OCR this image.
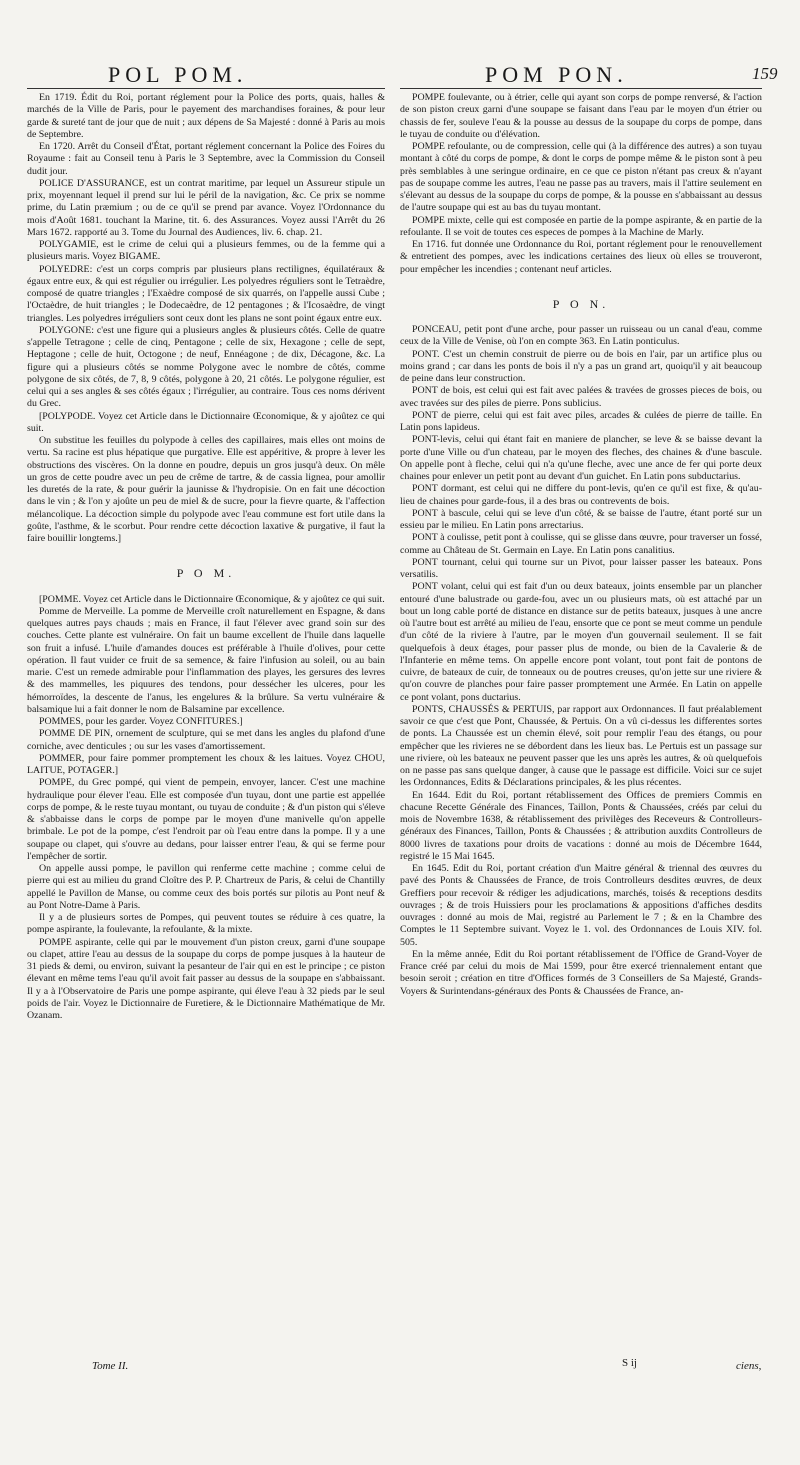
POL POM.	POM PON.	159

En 1719. Édit du Roi, portant réglement pour la Police des ports, quais, halles & marchés de la Ville de Paris, pour le payement des marchandises foraines, & pour leur garde & sureté tant de jour que de nuit ; aux dépens de Sa Majesté : donné à Paris au mois de Septembre.

En 1720. Arrêt du Conseil d'État, portant réglement concernant la Police des Foires du Royaume : fait au Conseil tenu à Paris le 3 Septembre, avec la Commission du Conseil dudit jour.

POLICE D'ASSURANCE, est un contrat maritime, par lequel un Assureur stipule un prix, moyennant lequel il prend sur lui le péril de la navigation, &c. Ce prix se nomme prime, du Latin præmium ; ou de ce qu'il se prend par avance. Voyez l'Ordonnance du mois d'Août 1681. touchant la Marine, tit. 6. des Assurances. Voyez aussi l'Arrêt du 26 Mars 1672. rapporté au 3. Tome du Journal des Audiences, liv. 6. chap. 21.

POLYGAMIE, est le crime de celui qui a plusieurs femmes, ou de la femme qui a plusieurs maris. Voyez BIGAME.

POLYEDRE: c'est un corps compris par plusieurs plans rectilignes, équilatéraux & égaux entre eux, & qui est régulier ou irrégulier. Les polyedres réguliers sont le Tetraèdre, composé de quatre triangles ; l'Exaèdre composé de six quarrés, on l'appelle aussi Cube ; l'Octaèdre, de huit triangles ; le Dodecaèdre, de 12 pentagones ; & l'Icosaèdre, de vingt triangles. Les polyedres irréguliers sont ceux dont les plans ne sont point égaux entre eux.

POLYGONE: c'est une figure qui a plusieurs angles & plusieurs côtés. Celle de quatre s'appelle Tetragone ; celle de cinq, Pentagone ; celle de six, Hexagone ; celle de sept, Heptagone ; celle de huit, Octogone ; de neuf, Ennéagone ; de dix, Décagone, &c. La figure qui a plusieurs côtés se nomme Polygone avec le nombre de côtés, comme polygone de six côtés, de 7, 8, 9 côtés, polygone à 20, 21 côtés. Le polygone régulier, est celui qui a ses angles & ses côtés égaux ; l'irrégulier, au contraire. Tous ces noms dérivent du Grec.

[POLYPODE. Voyez cet Article dans le Dictionnaire Œconomique, & y ajoûtez ce qui suit.

On substitue les feuilles du polypode à celles des capillaires, mais elles ont moins de vertu. Sa racine est plus hépatique que purgative. Elle est appéritive, & propre à lever les obstructions des viscères. On la donne en poudre, depuis un gros jusqu'à deux. On mêle un gros de cette poudre avec un peu de crême de tartre, & de cassia lignea, pour amollir les duretés de la rate, & pour guérir la jaunisse & l'hydropisie. On en fait une décoction dans le vin ; & l'on y ajoûte un peu de miel & de sucre, pour la fievre quarte, & l'affection mélancolique. La décoction simple du polypode avec l'eau commune est fort utile dans la goûte, l'asthme, & le scorbut. Pour rendre cette décoction laxative & purgative, il faut la faire bouillir longtems.]

P O M.

[POMME. Voyez cet Article dans le Dictionnaire Œconomique, & y ajoûtez ce qui suit.

Pomme de Merveille. La pomme de Merveille croît naturellement en Espagne, & dans quelques autres pays chauds ; mais en France, il faut l'élever avec grand soin sur des couches. Cette plante est vulnéraire. On fait un baume excellent de l'huile dans laquelle son fruit a infusé. L'huile d'amandes douces est préférable à l'huile d'olives, pour cette opération. Il faut vuider ce fruit de sa semence, & faire l'infusion au soleil, ou au bain marie. C'est un remede admirable pour l'inflammation des playes, les gersures des levres & des mammelles, les piquures des tendons, pour dessécher les ulceres, pour les hémorroïdes, la descente de l'anus, les engelures & la brûlure. Sa vertu vulnéraire & balsamique lui a fait donner le nom de Balsamine par excellence.

POMMES, pour les garder. Voyez CONFITURES.]

POMME DE PIN, ornement de sculpture, qui se met dans les angles du plafond d'une corniche, avec denticules ; ou sur les vases d'amortissement.

POMMER, pour faire pommer promptement les choux & les laitues. Voyez CHOU, LAITUE, POTAGER.]

POMPE, du Grec pompé, qui vient de pempein, envoyer, lancer. C'est une machine hydraulique pour élever l'eau. Elle est composée d'un tuyau, dont une partie est appellée corps de pompe, & le reste tuyau montant, ou tuyau de conduite ; & d'un piston qui s'éleve & s'abbaisse dans le corps de pompe par le moyen d'une manivelle qu'on appelle brimbale. Le pot de la pompe, c'est l'endroit par où l'eau entre dans la pompe. Il y a une soupape ou clapet, qui s'ouvre au dedans, pour laisser entrer l'eau, & qui se ferme pour l'empêcher de sortir.

On appelle aussi pompe, le pavillon qui renferme cette machine ; comme celui de pierre qui est au milieu du grand Cloître des P. P. Chartreux de Paris, & celui de Chantilly appellé le Pavillon de Manse, ou comme ceux des bois portés sur pilotis au Pont neuf & au Pont Notre-Dame à Paris.

Il y a de plusieurs sortes de Pompes, qui peuvent toutes se réduire à ces quatre, la pompe aspirante, la foulevante, la refoulante, & la mixte.

POMPE aspirante, celle qui par le mouvement d'un piston creux, garni d'une soupape ou clapet, attire l'eau au dessus de la soupape du corps de pompe jusques à la hauteur de 31 pieds & demi, ou environ, suivant la pesanteur de l'air qui en est le principe ; ce piston élevant en même tems l'eau qu'il avoit fait passer au dessus de la soupape en s'abbaissant. Il y a à l'Observatoire de Paris une pompe aspirante, qui éleve l'eau à 32 pieds par le seul poids de l'air. Voyez le Dictionnaire de Furetiere, & le Dictionnaire Mathématique de Mr. Ozanam.

POMPE foulevante, ou à étrier, celle qui ayant son corps de pompe renversé, & l'action de son piston creux garni d'une soupape se faisant dans l'eau par le moyen d'un étrier ou chassis de fer, souleve l'eau & la pousse au dessus de la soupape du corps de pompe, dans le tuyau de conduite ou d'élévation.

POMPE refoulante, ou de compression, celle qui (à la différence des autres) a son tuyau montant à côté du corps de pompe, & dont le corps de pompe même & le piston sont à peu près semblables à une seringue ordinaire, en ce que ce piston n'étant pas creux & n'ayant pas de soupape comme les autres, l'eau ne passe pas au travers, mais il l'attire seulement en s'élevant au dessus de la soupape du corps de pompe, & la pousse en s'abbaissant au dessus de l'autre soupape qui est au bas du tuyau montant.

POMPE mixte, celle qui est composée en partie de la pompe aspirante, & en partie de la refoulante. Il se voit de toutes ces especes de pompes à la Machine de Marly.

En 1716. fut donnée une Ordonnance du Roi, portant réglement pour le renouvellement & entretient des pompes, avec les indications certaines des lieux où elles se trouveront, pour empêcher les incendies ; contenant neuf articles.

P O N.

PONCEAU, petit pont d'une arche, pour passer un ruisseau ou un canal d'eau, comme ceux de la Ville de Venise, où l'on en compte 363. En Latin ponticulus.

PONT. C'est un chemin construit de pierre ou de bois en l'air, par un artifice plus ou moins grand ; car dans les ponts de bois il n'y a pas un grand art, quoiqu'il y ait beaucoup de peine dans leur construction.

PONT de bois, est celui qui est fait avec palées & travées de grosses pieces de bois, ou avec travées sur des piles de pierre. Pons sublicius.

PONT de pierre, celui qui est fait avec piles, arcades & culées de pierre de taille. En Latin pons lapideus.

PONT-levis, celui qui étant fait en maniere de plancher, se leve & se baisse devant la porte d'une Ville ou d'un chateau, par le moyen des fleches, des chaines & d'une bascule. On appelle pont à fleche, celui qui n'a qu'une fleche, avec une ance de fer qui porte deux chaines pour enlever un petit pont au devant d'un guichet. En Latin pons subductarius.

PONT dormant, est celui qui ne differe du pont-levis, qu'en ce qu'il est fixe, & qu'au-lieu de chaines pour garde-fous, il a des bras ou contrevents de bois.

PONT à bascule, celui qui se leve d'un côté, & se baisse de l'autre, étant porté sur un essieu par le milieu. En Latin pons arrectarius.

PONT à coulisse, petit pont à coulisse, qui se glisse dans œuvre, pour traverser un fossé, comme au Château de St. Germain en Laye. En Latin pons canalitius.

PONT tournant, celui qui tourne sur un Pivot, pour laisser passer les bateaux. Pons versatilis.

PONT volant, celui qui est fait d'un ou deux bateaux, joints ensemble par un plancher entouré d'une balustrade ou garde-fou, avec un ou plusieurs mats, où est attaché par un bout un long cable porté de distance en distance sur de petits bateaux, jusques à une ancre où l'autre bout est arrêté au milieu de l'eau, ensorte que ce pont se meut comme un pendule d'un côté de la riviere à l'autre, par le moyen d'un gouvernail seulement. Il se fait quelquefois à deux étages, pour passer plus de monde, ou bien de la Cavalerie & de l'Infanterie en même tems. On appelle encore pont volant, tout pont fait de pontons de cuivre, de bateaux de cuir, de tonneaux ou de poutres creuses, qu'on jette sur une riviere & qu'on couvre de planches pour faire passer promptement une Armée. En Latin on appelle ce pont volant, pons ductarius.

PONTS, CHAUSSÉS & PERTUIS, par rapport aux Ordonnances. Il faut préalablement savoir ce que c'est que Pont, Chaussée, & Pertuis. On a vû ci-dessus les differentes sortes de ponts. La Chaussée est un chemin élevé, soit pour remplir l'eau des étangs, ou pour empêcher que les rivieres ne se débordent dans les lieux bas. Le Pertuis est un passage sur une riviere, où les bateaux ne peuvent passer que les uns après les autres, & où quelquefois on ne passe pas sans quelque danger, à cause que le passage est difficile. Voici sur ce sujet les Ordonnances, Edits & Déclarations principales, & les plus récentes.

En 1644. Edit du Roi, portant rétablissement des Offices de premiers Commis en chacune Recette Générale des Finances, Taillon, Ponts & Chaussées, créés par celui du mois de Novembre 1638, & rétablissement des privilèges des Receveurs & Controlleurs-généraux des Finances, Taillon, Ponts & Chaussées ; & attribution auxdits Controlleurs de 8000 livres de taxations pour droits de vacations : donné au mois de Décembre 1644, registré le 15 Mai 1645.

En 1645. Edit du Roi, portant création d'un Maitre général & triennal des œuvres du pavé des Ponts & Chaussées de France, de trois Controlleurs desdites œuvres, de deux Greffiers pour recevoir & rédiger les adjudications, marchés, toisés & receptions desdits ouvrages ; & de trois Huissiers pour les proclamations & appositions d'affiches desdits ouvrages : donné au mois de Mai, registré au Parlement le 7 ; & en la Chambre des Comptes le 11 Septembre suivant. Voyez le 1. vol. des Ordonnances de Louis XIV. fol. 505.

En la même année, Edit du Roi portant rétablissement de l'Office de Grand-Voyer de France créé par celui du mois de Mai 1599, pour être exercé triennalement entant que besoin seroit ; création en titre d'Offices formés de 3 Conseillers de Sa Majesté, Grands-Voyers & Surintendans-généraux des Ponts & Chaussées de France, an-

Tome II.	S ij	ciens,
